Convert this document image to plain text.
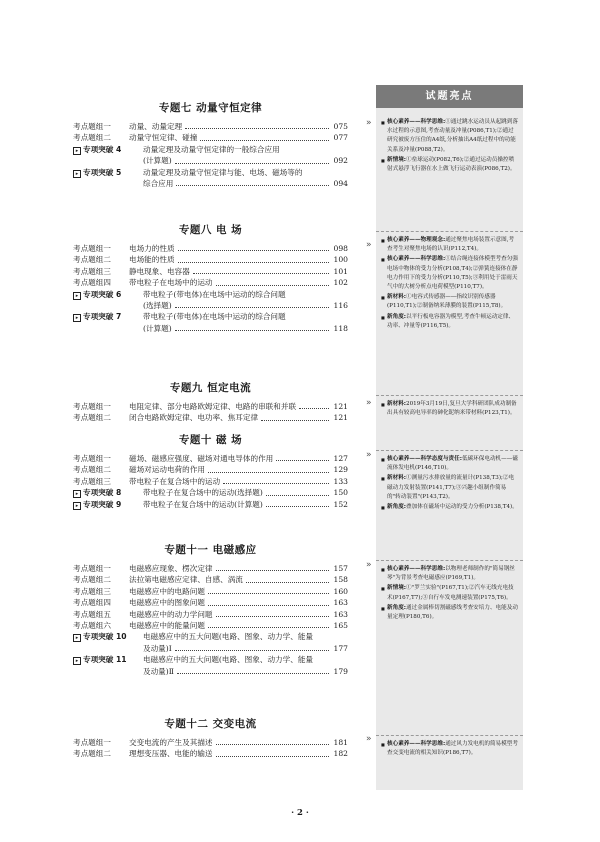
专题七 动量守恒定律
考点题组一	动量、动量定理	075
考点题组二	动量守恒定律、碰撞	077
▸ 专项突破 4	动量定理及动量守恒定律的一般综合应用
(计算题)	092
▸ 专项突破 5	动量定理及动量守恒定律与能、电场、磁场等的
综合应用	094
专题八 电 场
考点题组一	电场力的性质	098
考点题组二	电场能的性质	100
考点题组三	静电现象、电容器	101
考点题组四	带电粒子在电场中的运动	102
▸ 专项突破 6	带电粒子(带电体)在电场中运动的综合问题
(选择题)	116
▸ 专项突破 7	带电粒子(带电体)在电场中运动的综合问题
(计算题)	118
专题九 恒定电流
考点题组一	电阻定律、部分电路欧姆定律、电路的串联和并联	121
考点题组二	闭合电路欧姆定律、电功率、焦耳定律	121
专题十 磁 场
考点题组一	磁场、磁感应强度、磁场对通电导体的作用	127
考点题组二	磁场对运动电荷的作用	129
考点题组三	带电粒子在复合场中的运动	133
▸ 专项突破 8	带电粒子在复合场中的运动(选择题)	150
▸ 专项突破 9	带电粒子在复合场中的运动(计算题)	152
专题十一 电磁感应
考点题组一	电磁感应现象、楞次定律	157
考点题组二	法拉第电磁感应定律、自感、涡流	158
考点题组三	电磁感应中的电路问题	160
考点题组四	电磁感应中的图象问题	163
考点题组五	电磁感应中的动力学问题	163
考点题组六	电磁感应中的能量问题	165
▸ 专项突破 10	电磁感应中的五大问题(电路、图象、动力学、能量
及动量)Ⅰ	177
▸ 专项突破 11	电磁感应中的五大问题(电路、图象、动力学、能量
及动量)Ⅱ	179
专题十二 交变电流
考点题组一	交变电流的产生及其描述	181
考点题组二	理想变压器、电能的输送	182
»
»
»
»
»
»
试题亮点
■ 核心素养——科学思维:①通过跳水运动员从起跳到落水过程的示意图,考查动量及冲量(P086,T1);②通过研究被废方压住的A4纸,分析抽出A4纸过程中的功能关系及冲量(P088,T2)。
■ 新情境:①垒球运动(P082,T6);②通过运动员操控喷射式悬浮飞行器在水上做飞行运动表演(P086,T2)。
■ 核心素养——物理观念:通过聚焦电场装置示意图,考查考生对聚焦电场的认识(P112,T4)。
■ 核心素养——科学思维:①结合绳连接体模型考查匀强电场中物体的受力分析(P108,T4);②弹簧连接体在静电力作用下的受力分析(P110,T5);③利用处于雷雨天气中的大树分析点电荷模型(P110,T7)。
■ 新材料:①电容式传感器——指纹识别传感器(P110,T1);②制备纳米薄膜的装置(P115,T8)。
■ 新角度:以平行板电容器为模型,考查牛顿运动定律、功率、冲量等(P116,T5)。
■ 新材料:2019年3月19日,复旦大学科研团队成功制备出具有较高电导率的砷化铌纳米带材料(P123,T1)。
■ 核心素养——科学态度与责任:低碳环保电动机——磁流体发电机(P146,T10)。
■ 新材料:①测量污水排放量的流量计(P138,T3);②电磁动力发射装置(P141,T7);③兴趣小组制作简易的"转动装置"(P143,T2)。
■ 新角度:叠加体在磁场中运动的受力分析(P138,T4)。
■ 核心素养——科学思维:以物理老师制作的"简易钢丝琴"为背景考查电磁感应(P169,T1)。
■ 新情境:①"罗兰实验"(P167,T1);②汽车无线充电技术(P167,T7);③自行车发电测速装置(P175,T6)。
■ 新角度:通过金属棒切割磁感线考查安培力、电能及动量定理(P180,T6)。
■ 核心素养——科学思维:通过风力发电机的简易模型考查交变电流的相关知识(P186,T7)。
· 2 ·
